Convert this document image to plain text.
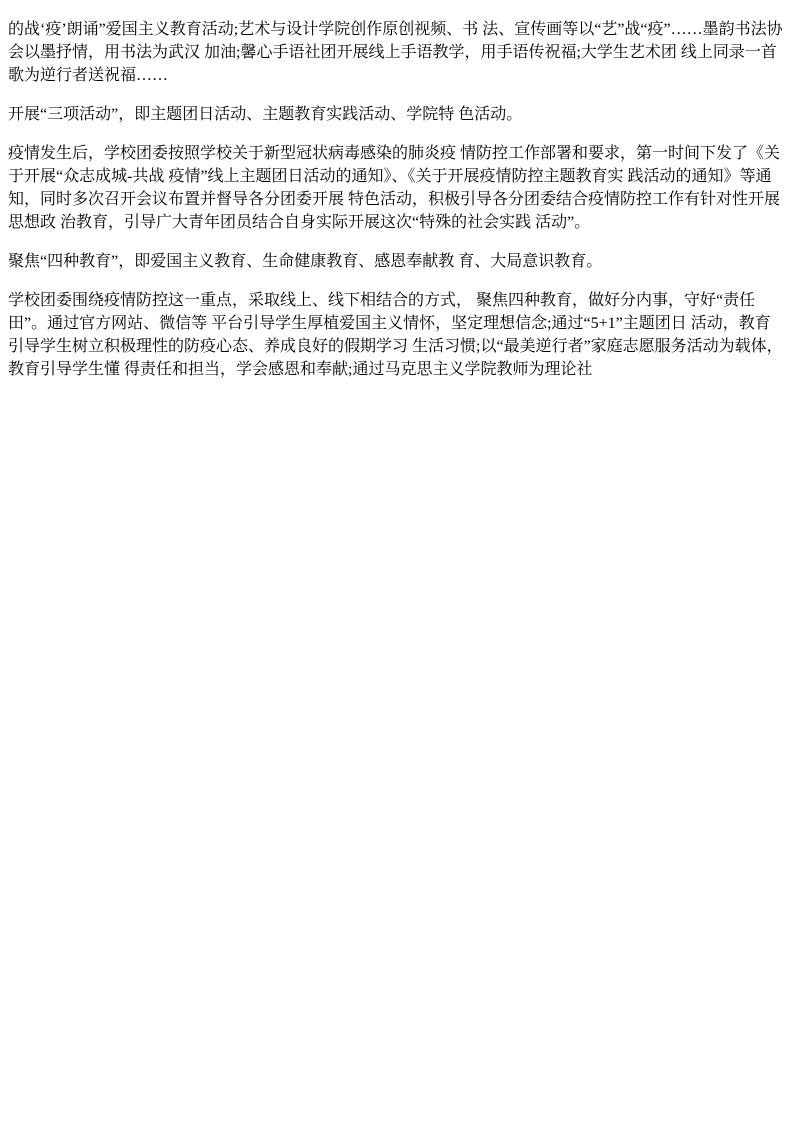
的战‘疫’朗诵”爱国主义教育活动;艺术与设计学院创作原创视频、书 法、宣传画等以“艺”战“疫”……墨韵书法协会以墨抒情，用书法为武汉 加油;馨心手语社团开展线上手语教学，用手语传祝福;大学生艺术团 线上同录一首歌为逆行者送祝福……

开展“三项活动”，即主题团日活动、主题教育实践活动、学院特 色活动。

疫情发生后，学校团委按照学校关于新型冠状病毒感染的肺炎疫 情防控工作部署和要求，第一时间下发了《关于开展“众志成城-共战 疫情”线上主题团日活动的通知》、《关于开展疫情防控主题教育实 践活动的通知》等通知，同时多次召开会议布置并督导各分团委开展 特色活动，积极引导各分团委结合疫情防控工作有针对性开展思想政 治教育，引导广大青年团员结合自身实际开展这次“特殊的社会实践 活动”。

聚焦“四种教育”，即爱国主义教育、生命健康教育、感恩奉献教 育、大局意识教育。

学校团委围绕疫情防控这一重点，采取线上、线下相结合的方式， 聚焦四种教育，做好分内事，守好“责任田”。通过官方网站、微信等 平台引导学生厚植爱国主义情怀，坚定理想信念;通过“5+1”主题团日 活动，教育引导学生树立积极理性的防疫心态、养成良好的假期学习 生活习惯;以“最美逆行者”家庭志愿服务活动为载体，教育引导学生懂 得责任和担当，学会感恩和奉献;通过马克思主义学院教师为理论社
